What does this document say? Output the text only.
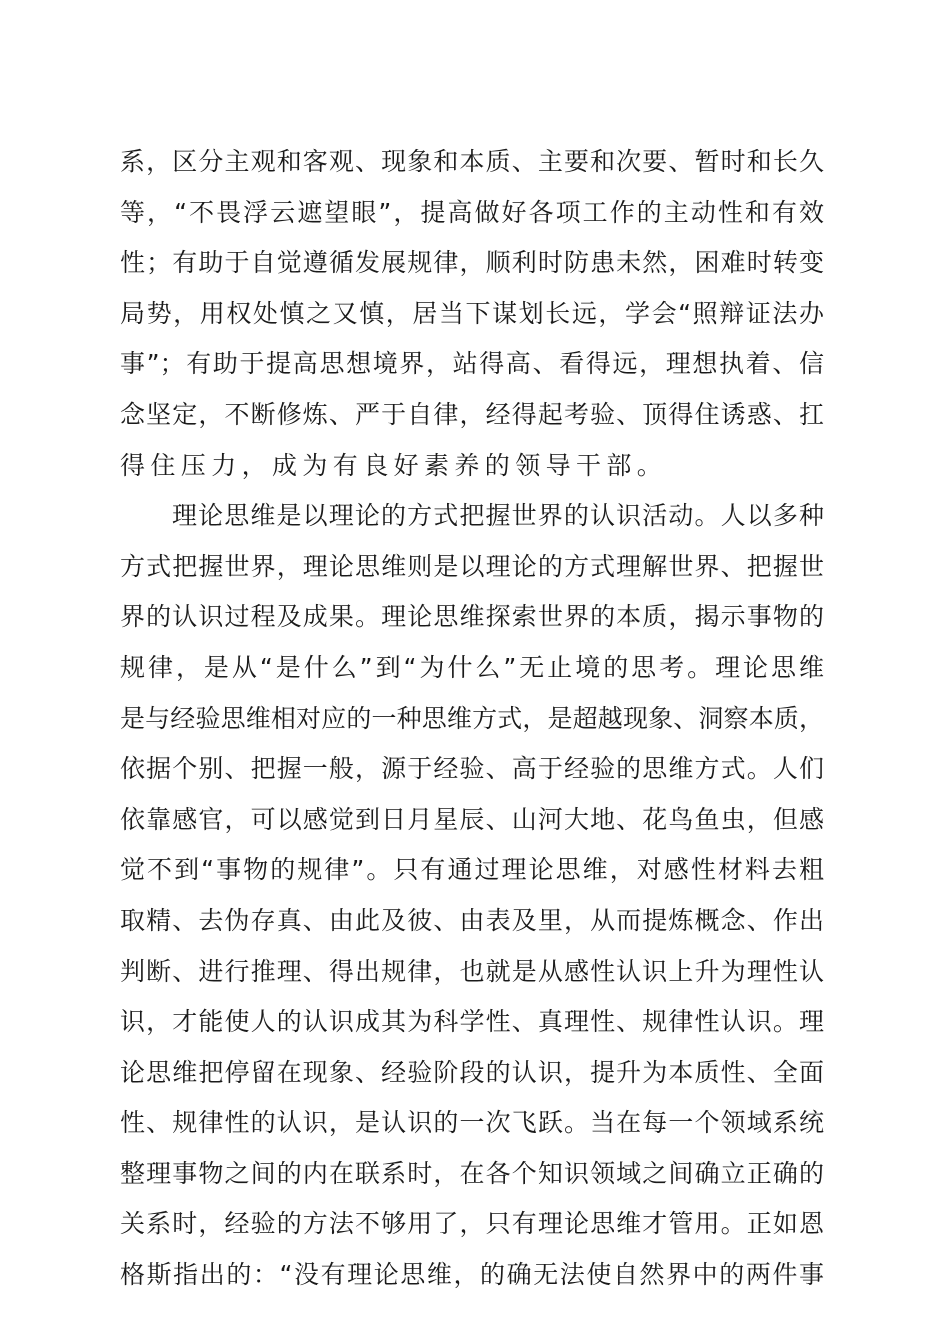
系，区分主观和客观、现象和本质、主要和次要、暂时和长久
等，“不畏浮云遮望眼”，提高做好各项工作的主动性和有效
性；有助于自觉遵循发展规律，顺利时防患未然，困难时转变
局势，用权处慎之又慎，居当下谋划长远，学会“照辩证法办
事”；有助于提高思想境界，站得高、看得远，理想执着、信
念坚定，不断修炼、严于自律，经得起考验、顶得住诱惑、扛
得住压力，成为有良好素养的领导干部。
理论思维是以理论的方式把握世界的认识活动。人以多种
方式把握世界，理论思维则是以理论的方式理解世界、把握世
界的认识过程及成果。理论思维探索世界的本质，揭示事物的
规律，是从“是什么”到“为什么”无止境的思考。理论思维
是与经验思维相对应的一种思维方式，是超越现象、洞察本质，
依据个别、把握一般，源于经验、高于经验的思维方式。人们
依靠感官，可以感觉到日月星辰、山河大地、花鸟鱼虫，但感
觉不到“事物的规律”。只有通过理论思维，对感性材料去粗
取精、去伪存真、由此及彼、由表及里，从而提炼概念、作出
判断、进行推理、得出规律，也就是从感性认识上升为理性认
识，才能使人的认识成其为科学性、真理性、规律性认识。理
论思维把停留在现象、经验阶段的认识，提升为本质性、全面
性、规律性的认识，是认识的一次飞跃。当在每一个领域系统
整理事物之间的内在联系时，在各个知识领域之间确立正确的
关系时，经验的方法不够用了，只有理论思维才管用。正如恩
格斯指出的：“没有理论思维，的确无法使自然界中的两件事
